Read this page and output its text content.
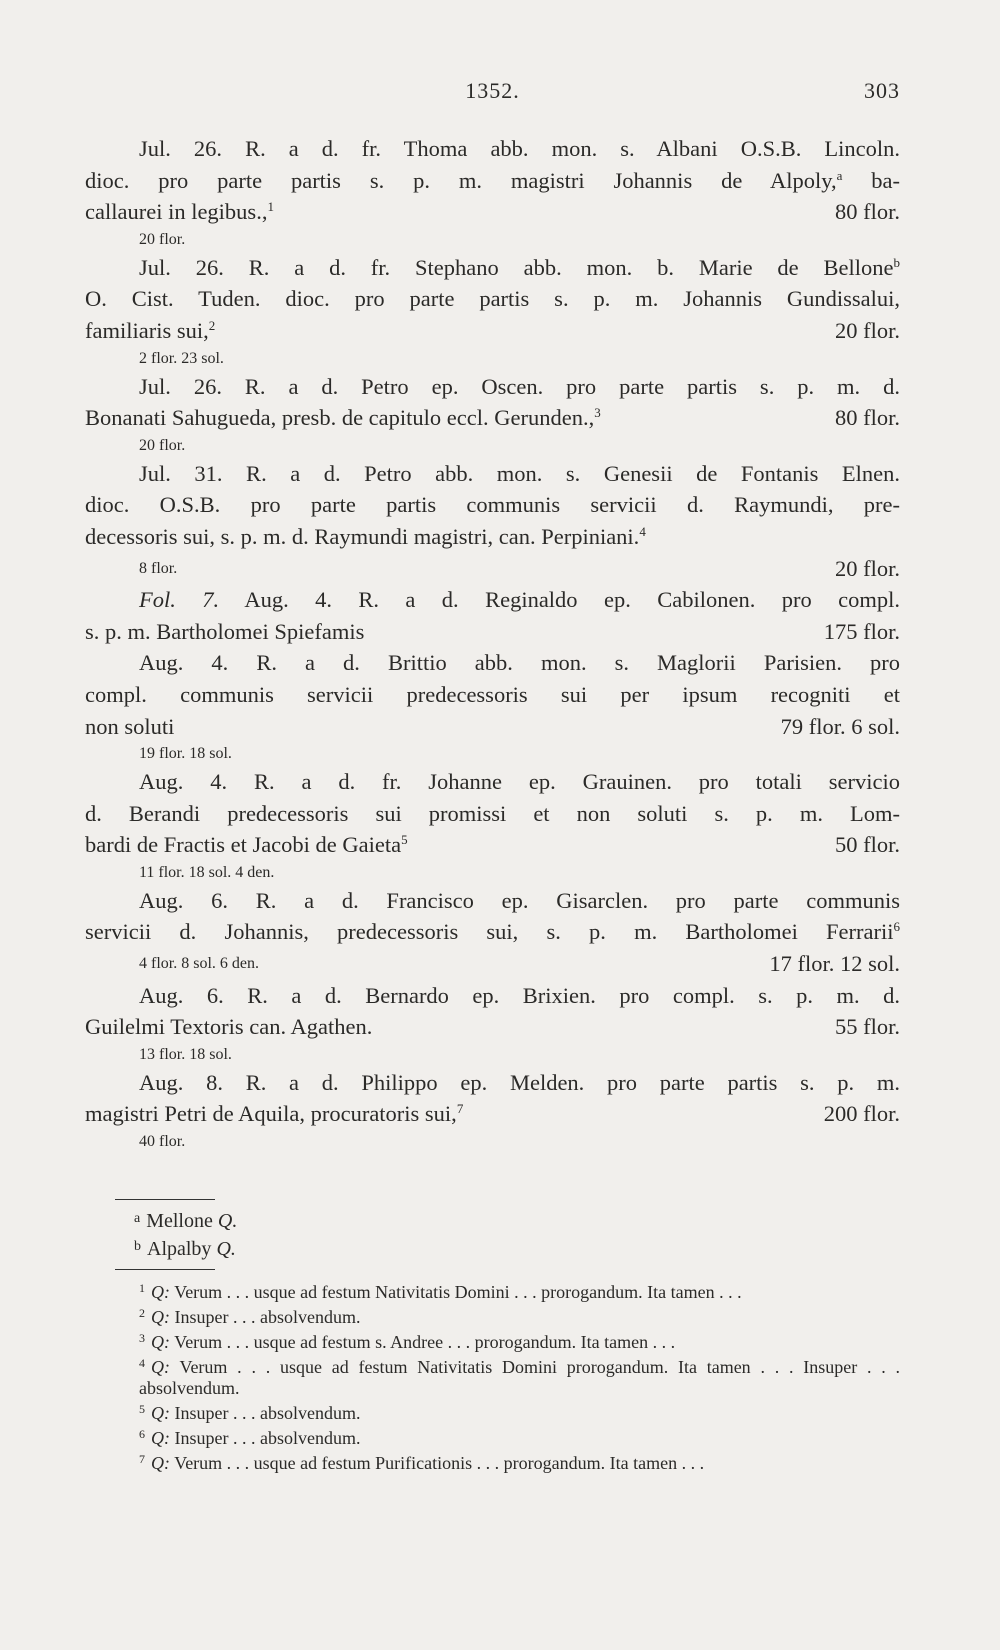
1352.	303

Jul. 26. R. a d. fr. Thoma abb. mon. s. Albani O.S.B. Lincoln.

dioc. pro parte partis s. p. m. magistri Johannis de Alpoly,$^a$ ba-

callaurei in legibus.,$^1$	80 flor.

20 flor.

Jul. 26. R. a d. fr. Stephano abb. mon. b. Marie de Bellone$^b$

O. Cist. Tuden. dioc. pro parte partis s. p. m. Johannis Gundissalui,

familiaris sui,$^2$	20 flor.

2 flor. 23 sol.

Jul. 26. R. a d. Petro ep. Oscen. pro parte partis s. p. m. d.

Bonanati Sahugueda, presb. de capitulo eccl. Gerunden.,$^3$	80 flor.

20 flor.

Jul. 31. R. a d. Petro abb. mon. s. Genesii de Fontanis Elnen.

dioc. O.S.B. pro parte partis communis servicii d. Raymundi, pre-

decessoris sui, s. p. m. d. Raymundi magistri, can. Perpiniani.$^4$

8 flor.	20 flor.

Fol. 7. Aug. 4. R. a d. Reginaldo ep. Cabilonen. pro compl.

s. p. m. Bartholomei Spiefamis	175 flor.

Aug. 4. R. a d. Brittio abb. mon. s. Maglorii Parisien. pro

compl. communis servicii predecessoris sui per ipsum recogniti et

non soluti	79 flor. 6 sol.

19 flor. 18 sol.

Aug. 4. R. a d. fr. Johanne ep. Grauinen. pro totali servicio

d. Berandi predecessoris sui promissi et non soluti s. p. m. Lom-

bardi de Fractis et Jacobi de Gaieta$^5$	50 flor.

11 flor. 18 sol. 4 den.

Aug. 6. R. a d. Francisco ep. Gisarclen. pro parte communis

servicii d. Johannis, predecessoris sui, s. p. m. Bartholomei Ferrarii$^6$

4 flor. 8 sol. 6 den.	17 flor. 12 sol.

Aug. 6. R. a d. Bernardo ep. Brixien. pro compl. s. p. m. d.

Guilelmi Textoris can. Agathen.	55 flor.

13 flor. 18 sol.

Aug. 8. R. a d. Philippo ep. Melden. pro parte partis s. p. m.

magistri Petri de Aquila, procuratoris sui,$^7$	200 flor.

40 flor.
$^a$ Mellone Q.
$^b$ Alpalby Q.

$^1$ Q: Verum . . . usque ad festum Nativitatis Domini . . . prorogandum. Ita tamen . . .

$^2$ Q: Insuper . . . absolvendum.

$^3$ Q: Verum . . . usque ad festum s. Andree . . . prorogandum. Ita tamen . . .

$^4$ Q: Verum . . . usque ad festum Nativitatis Domini prorogandum. Ita tamen . . . Insuper . . . absolvendum.

$^5$ Q: Insuper . . . absolvendum.

$^6$ Q: Insuper . . . absolvendum.

$^7$ Q: Verum . . . usque ad festum Purificationis . . . prorogandum. Ita tamen . . .
